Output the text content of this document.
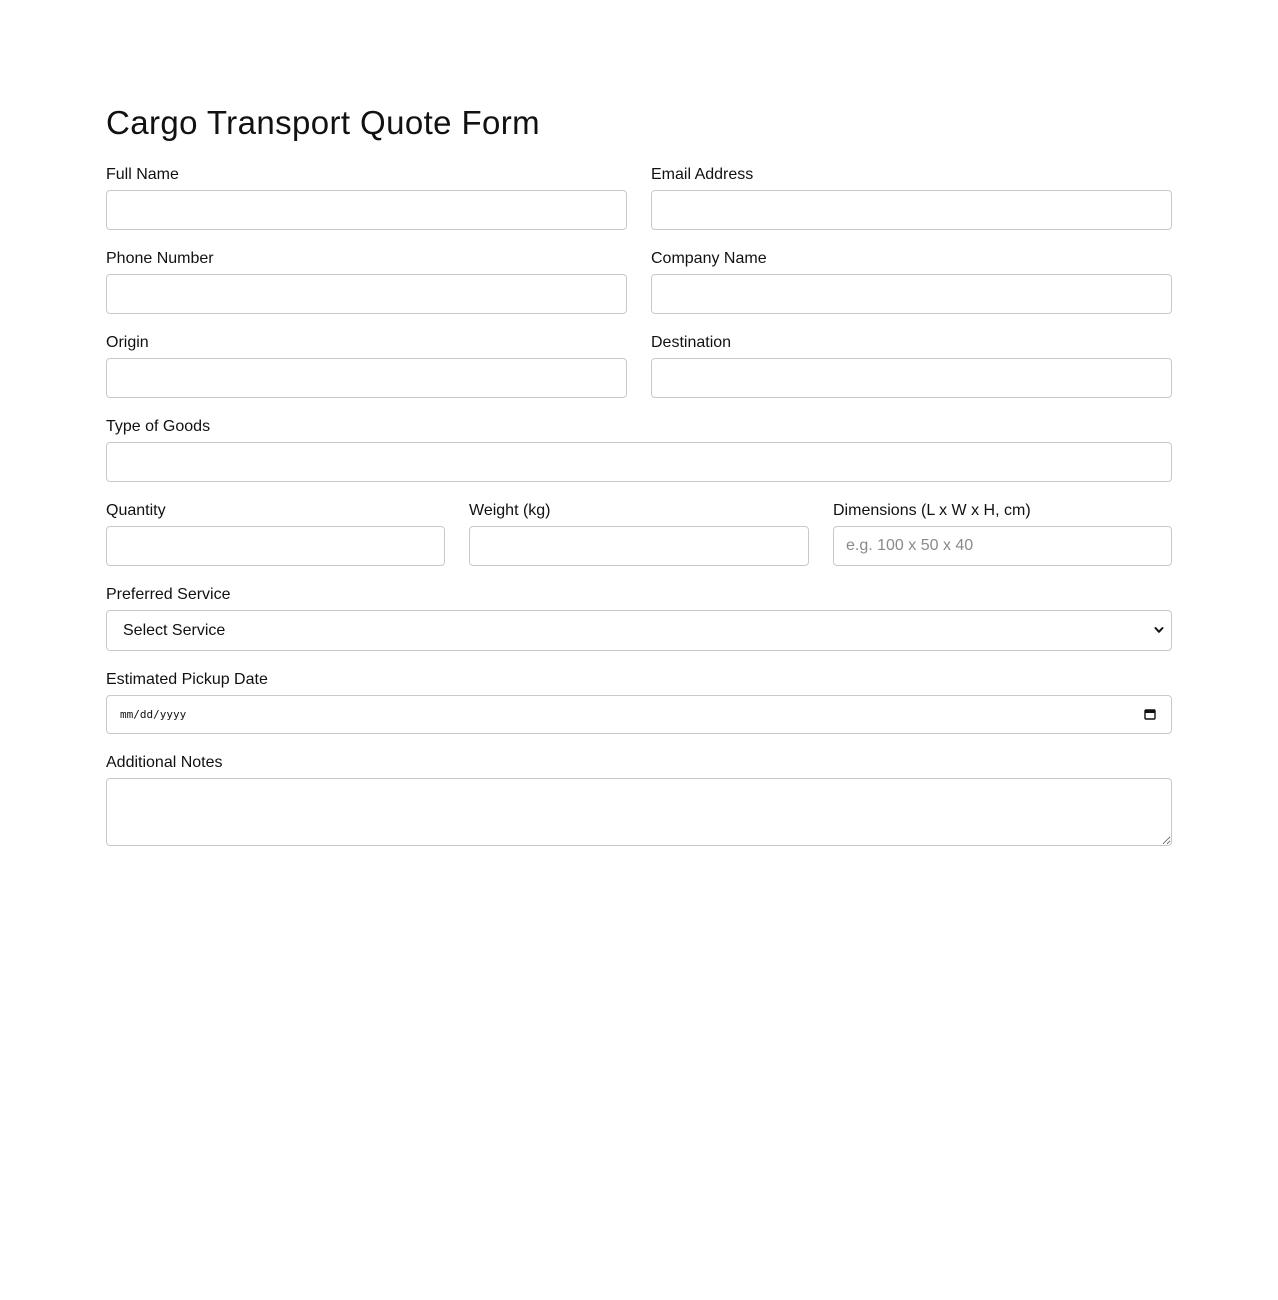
Cargo Transport Quote Form
Full Name	Email Address
Phone Number	Company Name
Origin	Destination
Type of Goods
Quantity	Weight (kg)	Dimensions (L x W x H, cm)
e.g. 100 x 50 x 40
Preferred Service
Select Service
Estimated Pickup Date
mm/dd/yyyy
Additional Notes
